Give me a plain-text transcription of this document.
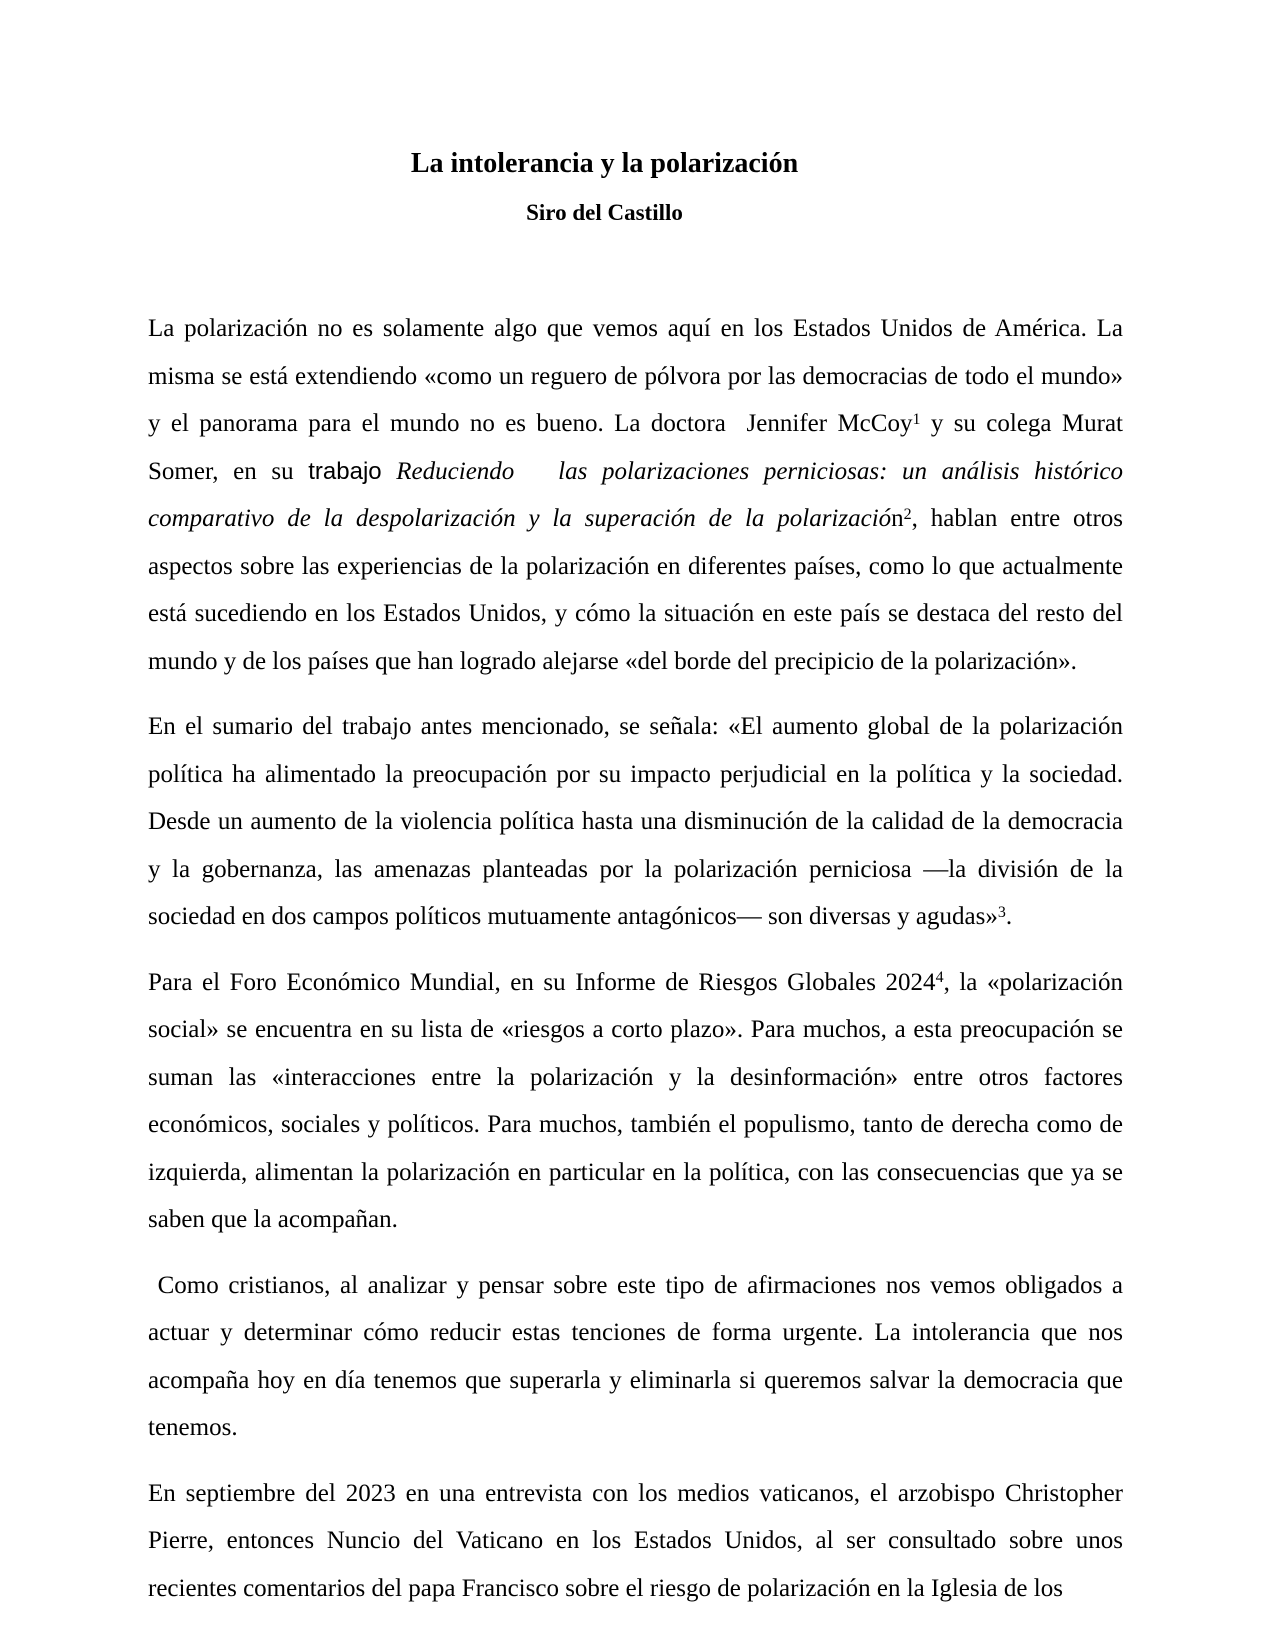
La intolerancia y la polarización
Siro del Castillo

La polarización no es solamente algo que vemos aquí en los Estados Unidos de América. La misma se está extendiendo «como un reguero de pólvora por las democracias de todo el mundo» y el panorama para el mundo no es bueno. La doctora  Jennifer McCoy$^1$ y su colega Murat Somer, en su trabajo Reduciendo   las polarizaciones perniciosas: un análisis histórico comparativo de la despolarización y la superación de la polarización$^2$, hablan entre otros aspectos sobre las experiencias de la polarización en diferentes países, como lo que actualmente está sucediendo en los Estados Unidos, y cómo la situación en este país se destaca del resto del mundo y de los países que han logrado alejarse «del borde del precipicio de la polarización».

En el sumario del trabajo antes mencionado, se señala: «El aumento global de la polarización política ha alimentado la preocupación por su impacto perjudicial en la política y la sociedad. Desde un aumento de la violencia política hasta una disminución de la calidad de la democracia y la gobernanza, las amenazas planteadas por la polarización perniciosa —la división de la sociedad en dos campos políticos mutuamente antagónicos— son diversas y agudas»$^3$.

Para el Foro Económico Mundial, en su Informe de Riesgos Globales 2024$^4$, la «polarización social» se encuentra en su lista de «riesgos a corto plazo». Para muchos, a esta preocupación se suman las «interacciones entre la polarización y la desinformación» entre otros factores económicos, sociales y políticos. Para muchos, también el populismo, tanto de derecha como de izquierda, alimentan la polarización en particular en la política, con las consecuencias que ya se saben que la acompañan.

Como cristianos, al analizar y pensar sobre este tipo de afirmaciones nos vemos obligados a actuar y determinar cómo reducir estas tenciones de forma urgente. La intolerancia que nos acompaña hoy en día tenemos que superarla y eliminarla si queremos salvar la democracia que tenemos.

En septiembre del 2023 en una entrevista con los medios vaticanos, el arzobispo Christopher Pierre, entonces Nuncio del Vaticano en los Estados Unidos, al ser consultado sobre unos recientes comentarios del papa Francisco sobre el riesgo de polarización en la Iglesia de los
